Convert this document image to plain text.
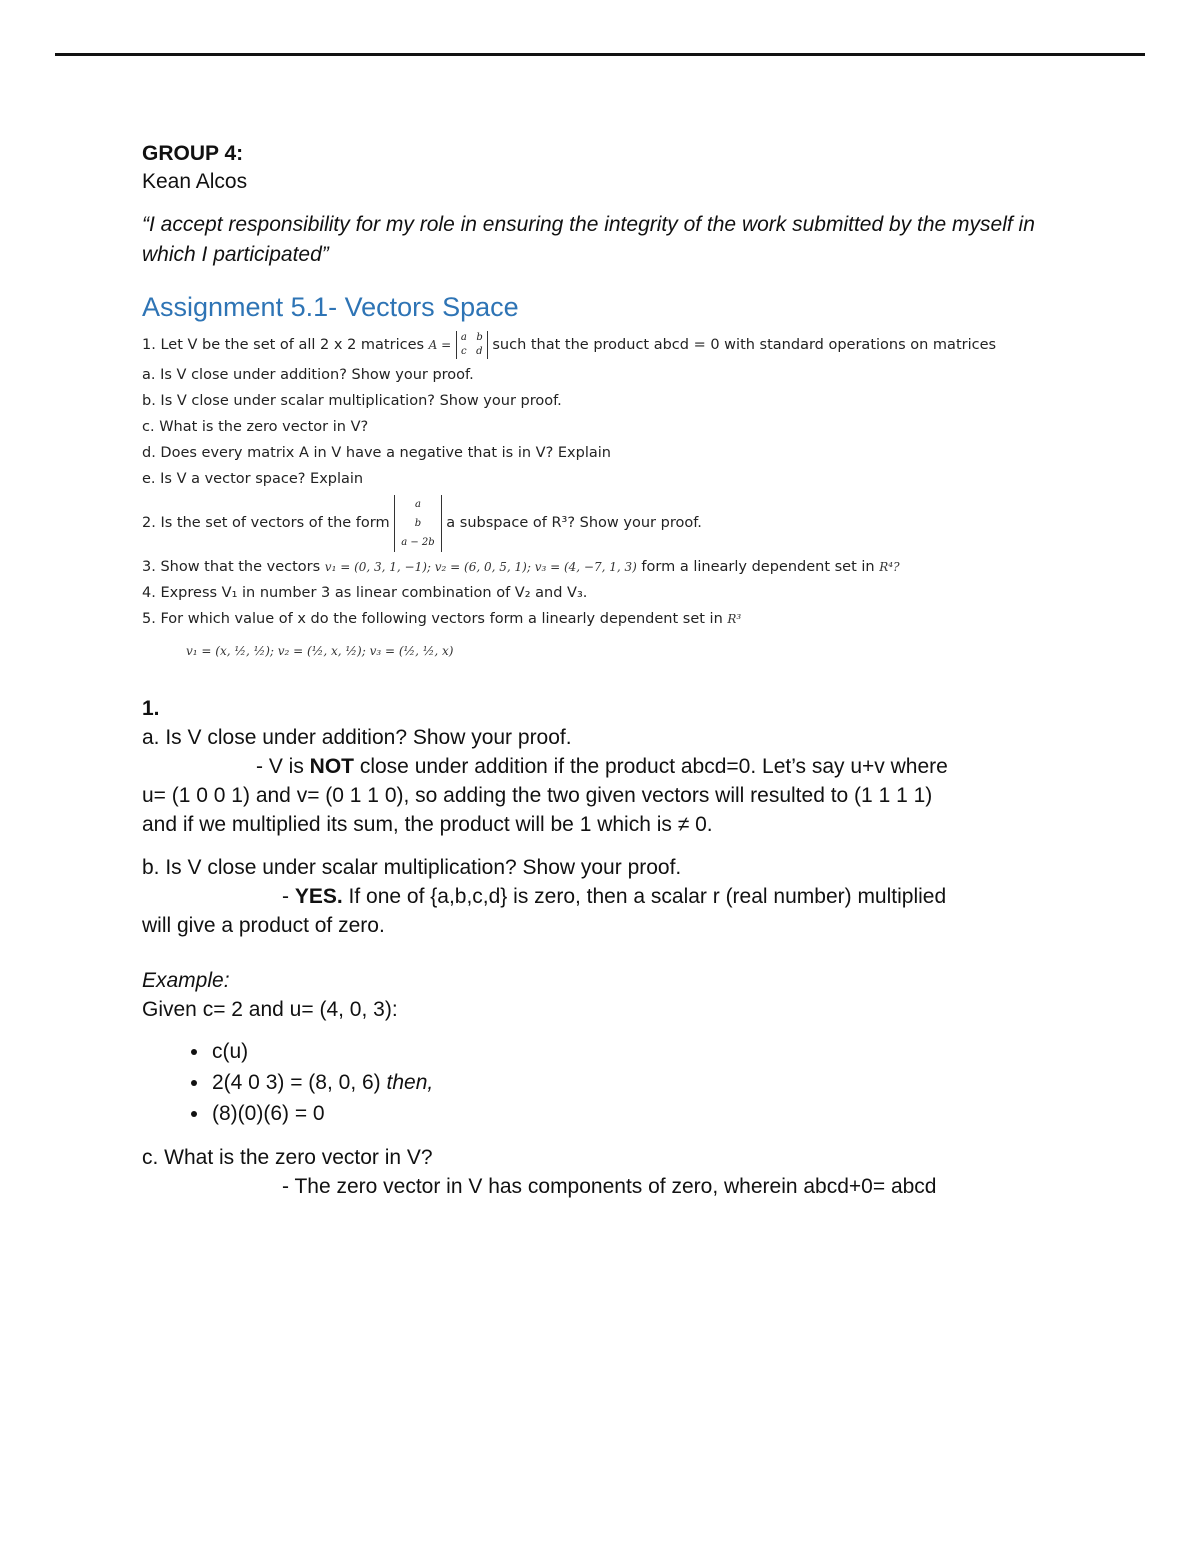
GROUP 4:
Kean Alcos
“I accept responsibility for my role in ensuring the integrity of the work submitted by the myself in which I participated”
Assignment 5.1- Vectors Space
1. Let V be the set of all 2 x 2 matrices A = a b
c d such that the product abcd = 0 with standard operations on matrices
a. Is V close under addition? Show your proof.
b. Is V close under scalar multiplication? Show your proof.
c. What is the zero vector in V?
d. Does every matrix A in V have a negative that is in V? Explain
e. Is V a vector space? Explain
2. Is the set of vectors of the form a
b
a − 2b a subspace of R³? Show your proof.
3. Show that the vectors v₁ = (0, 3, 1, −1); v₂ = (6, 0, 5, 1); v₃ = (4, −7, 1, 3) form a linearly dependent set in R⁴?
4. Express V₁ in number 3 as linear combination of V₂ and V₃.
5. For which value of x do the following vectors form a linearly dependent set in R³
v₁ = (x, ½, ½); v₂ = (½, x, ½); v₃ = (½, ½, x)
1.
a. Is V close under addition? Show your proof.
- V is NOT close under addition if the product abcd=0. Let’s say u+v where
u= (1 0 0 1) and v= (0 1 1 0), so adding the two given vectors will resulted to (1 1 1 1)
and if we multiplied its sum, the product will be 1 which is ≠ 0.
b. Is V close under scalar multiplication? Show your proof.
- YES. If one of {a,b,c,d} is zero, then a scalar r (real number) multiplied
will give a product of zero.
Example:
Given c= 2 and u= (4, 0, 3):
• c(u)
• 2(4 0 3) = (8, 0, 6) then,
• (8)(0)(6) = 0
c. What is the zero vector in V?
- The zero vector in V has components of zero, wherein abcd+0= abcd
